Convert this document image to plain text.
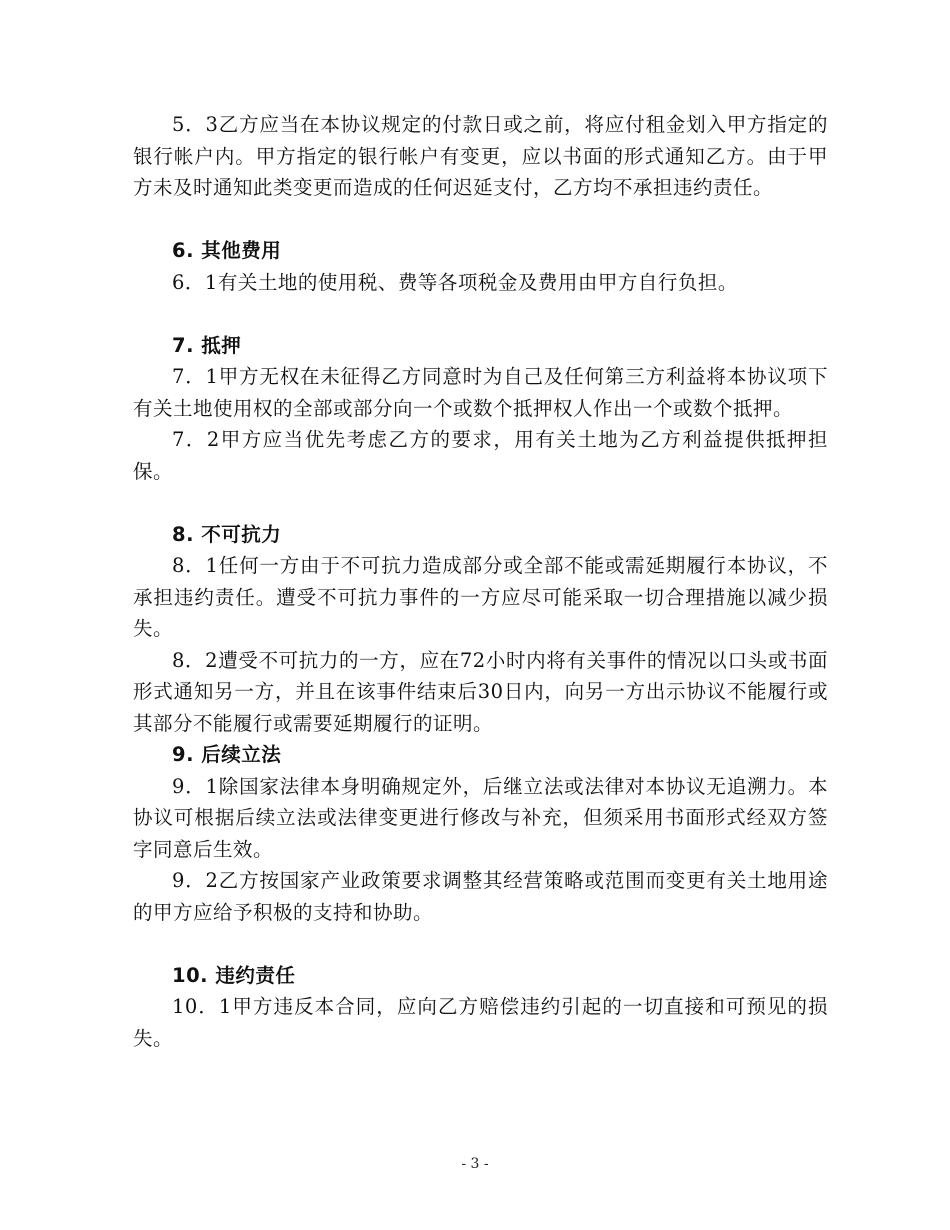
5．3乙方应当在本协议规定的付款日或之前，将应付租金划入甲方指定的银行帐户内。甲方指定的银行帐户有变更，应以书面的形式通知乙方。由于甲方未及时通知此类变更而造成的任何迟延支付，乙方均不承担违约责任。

6. 其他费用

6．1有关土地的使用税、费等各项税金及费用由甲方自行负担。

7. 抵押

7．1甲方无权在未征得乙方同意时为自己及任何第三方利益将本协议项下有关土地使用权的全部或部分向一个或数个抵押权人作出一个或数个抵押。

7．2甲方应当优先考虑乙方的要求，用有关土地为乙方利益提供抵押担保。

8. 不可抗力

8．1任何一方由于不可抗力造成部分或全部不能或需延期履行本协议，不承担违约责任。遭受不可抗力事件的一方应尽可能采取一切合理措施以减少损失。

8．2遭受不可抗力的一方，应在72小时内将有关事件的情况以口头或书面形式通知另一方，并且在该事件结束后30日内，向另一方出示协议不能履行或其部分不能履行或需要延期履行的证明。

9. 后续立法

9．1除国家法律本身明确规定外，后继立法或法律对本协议无追溯力。本协议可根据后续立法或法律变更进行修改与补充，但须采用书面形式经双方签字同意后生效。

9．2乙方按国家产业政策要求调整其经营策略或范围而变更有关土地用途的甲方应给予积极的支持和协助。

10. 违约责任

10．1甲方违反本合同，应向乙方赔偿违约引起的一切直接和可预见的损失。

- 3 -
